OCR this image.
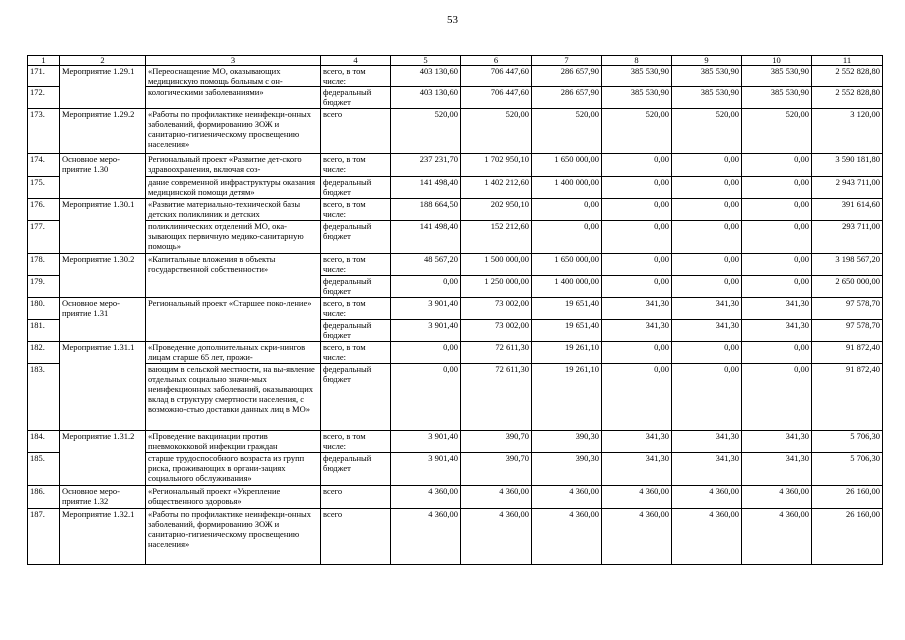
53
1	2	3	4	5	6	7	8	9	10	11
171.	Мероприятие 1.29.1	«Переоснащение МО, оказывающих медицинскую помощь больным с он-	всего, в том числе:	403 130,60	706 447,60	286 657,90	385 530,90	385 530,90	385 530,90	2 552 828,80
172.		кологическими заболеваниями»	федеральный бюджет	403 130,60	706 447,60	286 657,90	385 530,90	385 530,90	385 530,90	2 552 828,80
173.	Мероприятие 1.29.2	«Работы по профилактике неинфекци-онных заболеваний, формированию ЗОЖ и санитарно-гигиеническому просвещению населения»	всего	520,00	520,00	520,00	520,00	520,00	520,00	3 120,00
174.	Основное меро-приятие 1.30	Региональный проект «Развитие дет-ского здравоохранения, включая соз-	всего, в том числе:	237 231,70	1 702 950,10	1 650 000,00	0,00	0,00	0,00	3 590 181,80
175.		дание современной инфраструктуры оказания медицинской помощи детям»	федеральный бюджет	141 498,40	1 402 212,60	1 400 000,00	0,00	0,00	0,00	2 943 711,00
176.	Мероприятие 1.30.1	«Развитие материально-технической базы детских поликлиник и детских	всего, в том числе:	188 664,50	202 950,10	0,00	0,00	0,00	0,00	391 614,60
177.		поликлинических отделений МО, ока-зывающих первичную медико-санитарную помощь»	федеральный бюджет	141 498,40	152 212,60	0,00	0,00	0,00	0,00	293 711,00
178.	Мероприятие 1.30.2	«Капитальные вложения в объекты государственной собственности»	всего, в том числе:	48 567,20	1 500 000,00	1 650 000,00	0,00	0,00	0,00	3 198 567,20
179.			федеральный бюджет	0,00	1 250 000,00	1 400 000,00	0,00	0,00	0,00	2 650 000,00
180.	Основное меро-приятие 1.31	Региональный проект «Старшее поко-ление»	всего, в том числе:	3 901,40	73 002,00	19 651,40	341,30	341,30	341,30	97 578,70
181.			федеральный бюджет	3 901,40	73 002,00	19 651,40	341,30	341,30	341,30	97 578,70
182.	Мероприятие 1.31.1	«Проведение дополнительных скри-нингов лицам старше 65 лет, прожи-	всего, в том числе:	0,00	72 611,30	19 261,10	0,00	0,00	0,00	91 872,40
183.		вающим в сельской местности, на вы-явление отдельных социально значи-мых неинфекционных заболеваний, оказывающих вклад в структуру смертности населения, с возможно-стью доставки данных лиц в МО»	федеральный бюджет	0,00	72 611,30	19 261,10	0,00	0,00	0,00	91 872,40
184.	Мероприятие 1.31.2	«Проведение вакцинации против пневмококковой инфекции граждан	всего, в том числе:	3 901,40	390,70	390,30	341,30	341,30	341,30	5 706,30
185.		старше трудоспособного возраста из групп риска, проживающих в органи-зациях социального обслуживания»	федеральный бюджет	3 901,40	390,70	390,30	341,30	341,30	341,30	5 706,30
186.	Основное меро-приятие 1.32	«Региональный проект «Укрепление общественного здоровья»	всего	4 360,00	4 360,00	4 360,00	4 360,00	4 360,00	4 360,00	26 160,00
187.	Мероприятие 1.32.1	«Работы по профилактике неинфекци-онных заболеваний, формированию ЗОЖ и санитарно-гигиеническому просвещению населения»	всего	4 360,00	4 360,00	4 360,00	4 360,00	4 360,00	4 360,00	26 160,00
